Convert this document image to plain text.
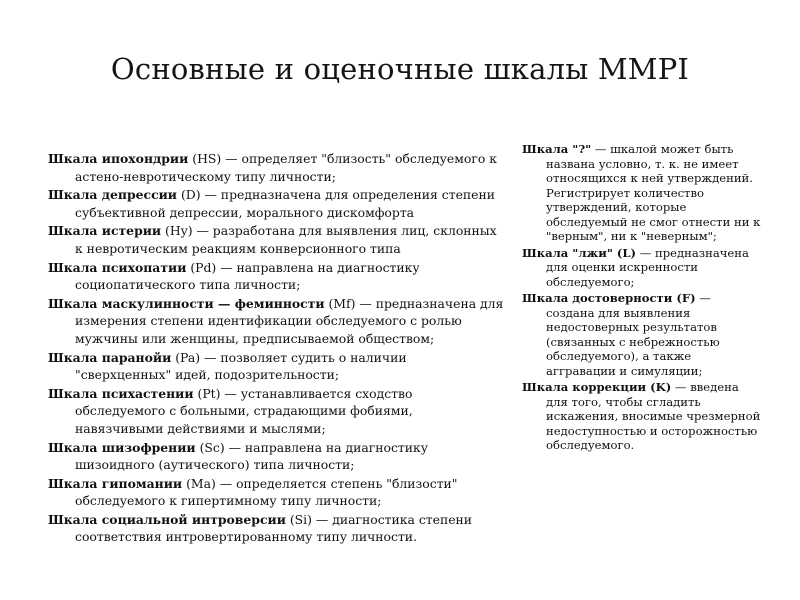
Основные и оценочные шкалы MMPI
Шкала ипохондрии (HS) — определяет "близость" обследуемого к астено-невротическому типу личности;
Шкала депрессии (D) — предназначена для определения степени субъективной депрессии, морального дискомфорта
Шкала истерии (Hy) — разработана для выявления лиц, склонных к невротическим реакциям конверсионного типа
Шкала психопатии (Pd) — направлена на диагностику социопатического типа личности;
Шкала маскулинности — феминности (Mf) — предназначена для измерения степени идентификации обследуемого с ролью мужчины или женщины, предписываемой обществом;
Шкала паранойи (Pa) — позволяет судить о наличии "сверхценных" идей, подозрительности;
Шкала психастении (Pt) — устанавливается сходство обследуемого с больными, страдающими фобиями, навязчивыми действиями и мыслями;
Шкала шизофрении (Sc) — направлена на диагностику шизоидного (аутического) типа личности;
Шкала гипомании (Ma) — определяется степень "близости" обследуемого к гипертимному типу личности;
Шкала социальной интроверсии (Si) — диагностика степени соответствия интровертированному типу личности.
Шкала "?" — шкалой может быть названа условно, т. к. не имеет относящихся к ней утверждений. Регистрирует количество утверждений, которые обследуемый не смог отнести ни к "верным", ни к "неверным";
Шкала "лжи" (L) — предназначена для оценки искренности обследуемого;
Шкала достоверности (F) — создана для выявления недостоверных результатов (связанных с небрежностью обследуемого), а также аггравации и симуляции;
Шкала коррекции (K) — введена для того, чтобы сгладить искажения, вносимые чрезмерной недоступностью и осторожностью обследуемого.
